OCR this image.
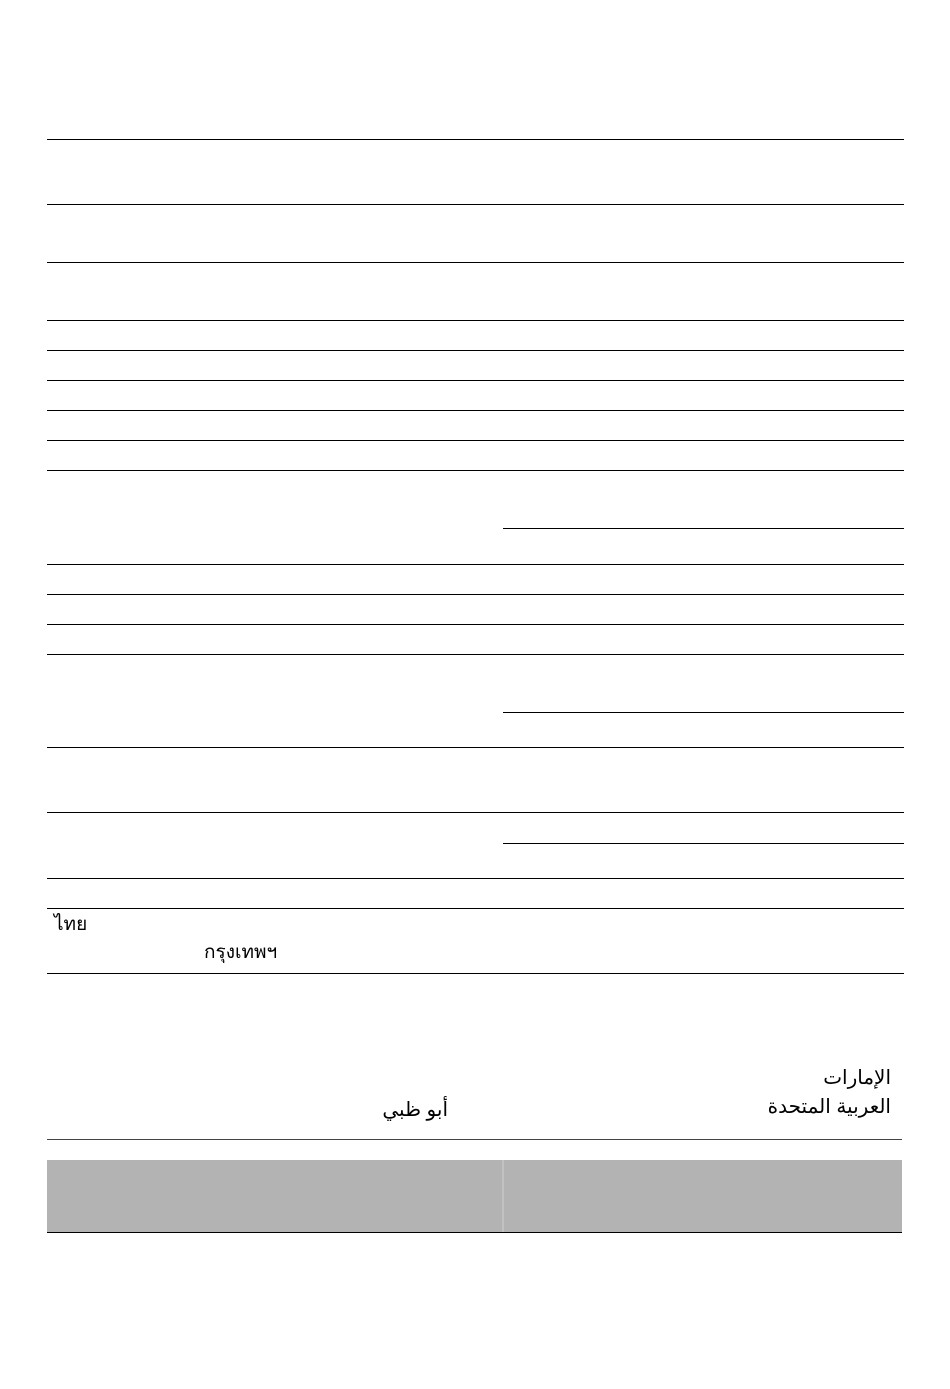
ไทย
กรุงเทพฯ
الإمارات
العربية المتحدة
أبو ظبي
